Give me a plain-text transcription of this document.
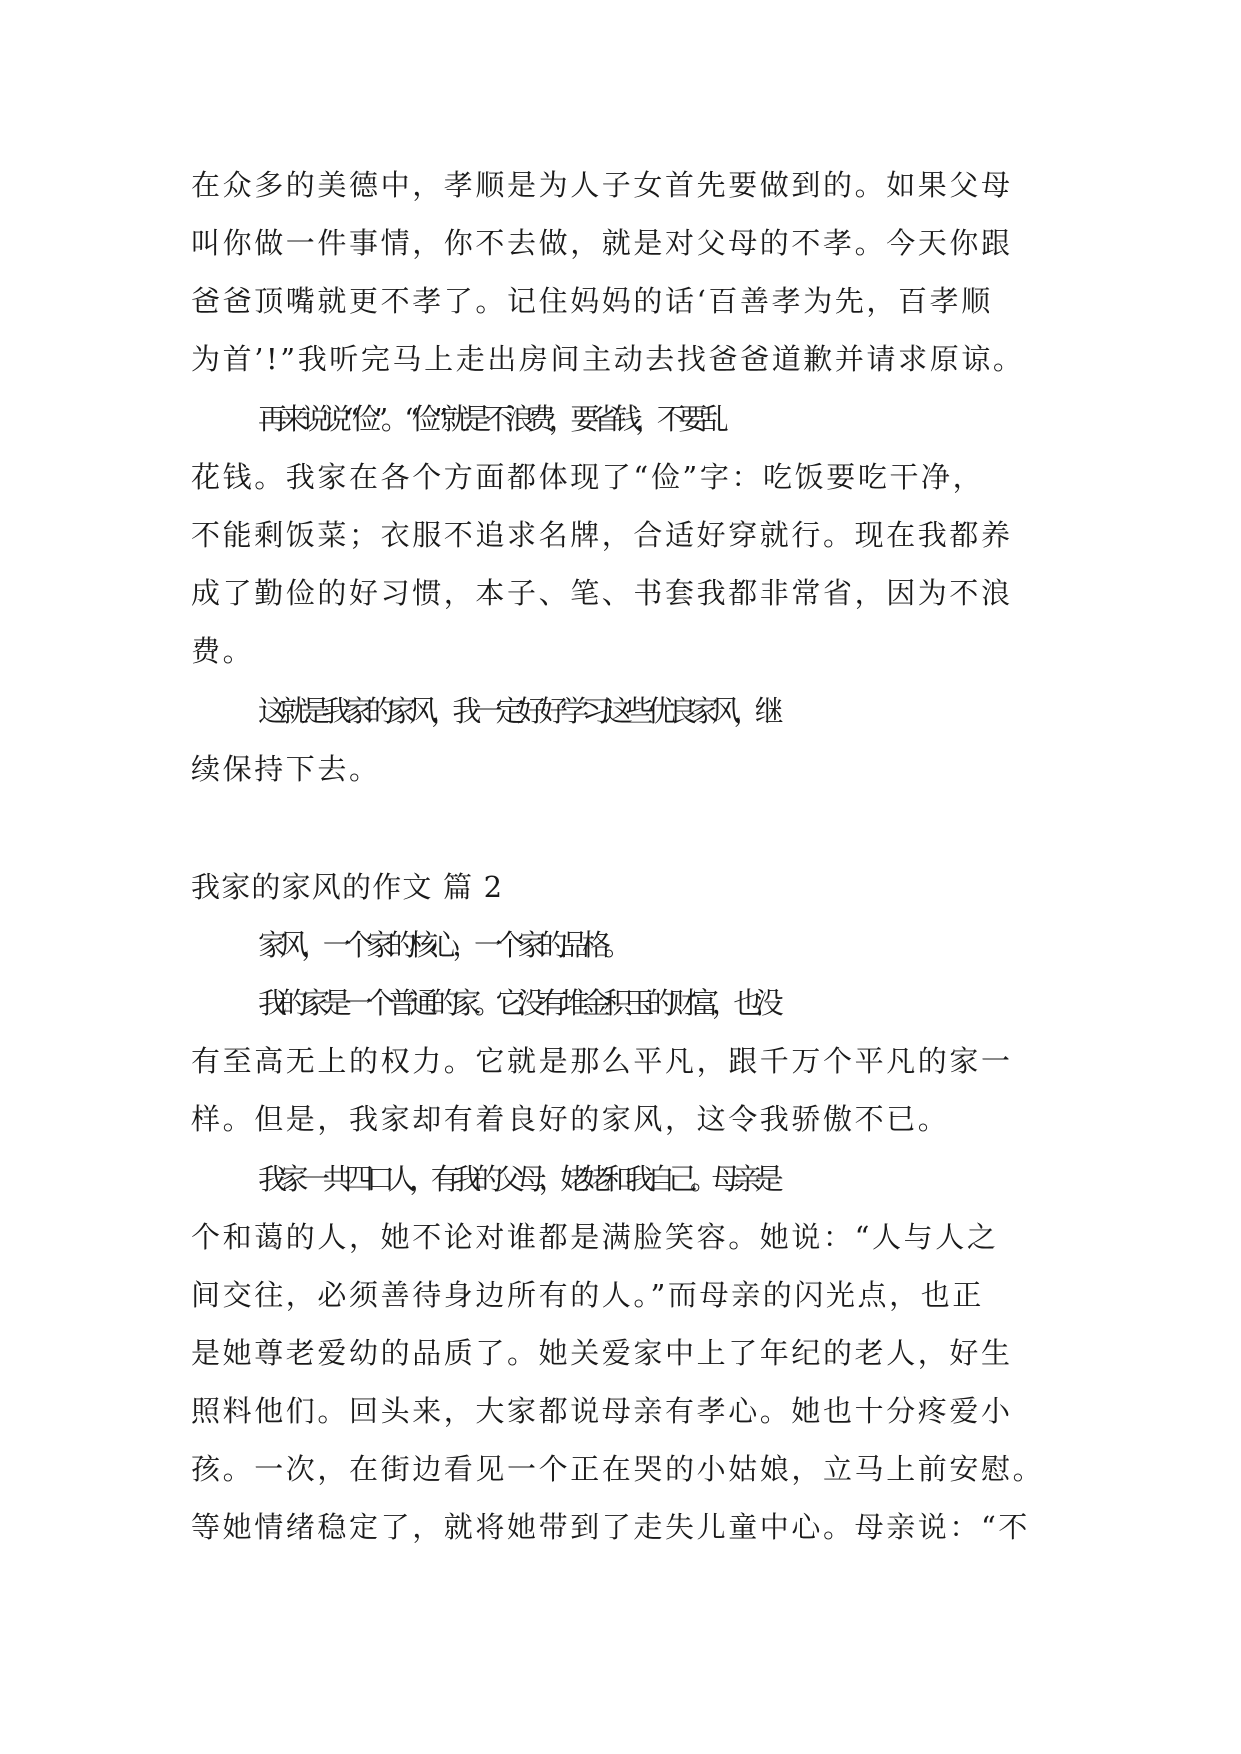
在众多的美德中，孝顺是为人子女首先要做到的。如果父母
叫你做一件事情，你不去做，就是对父母的不孝。今天你跟
爸爸顶嘴就更不孝了。记住妈妈的话‘百善孝为先，百孝顺
为首’!”我听完马上走出房间主动去找爸爸道歉并请求原谅。
再来说说“俭”。 “俭”就是不浪费，要省钱，不要乱
花钱。我家在各个方面都体现了“俭”字：吃饭要吃干净，
不能剩饭菜；衣服不追求名牌，合适好穿就行。现在我都养
成了勤俭的好习惯，本子、笔、书套我都非常省，因为不浪
费。
这就是我家的家风，我一定好好学习这些优良家风，继
续保持下去。
我家的家风的作文 篇 2
家风，一个家的核心，一个家的品格。
我的家是一个普通的家。它没有堆金积玉的财富，也没
有至高无上的权力。它就是那么平凡，跟千万个平凡的家一
样。但是，我家却有着良好的家风，这令我骄傲不已。
我家一共四口人，有我的父母，姥姥和我自己。母亲是
个和蔼的人，她不论对谁都是满脸笑容。她说：“人与人之
间交往，必须善待身边所有的人。”而母亲的闪光点，也正
是她尊老爱幼的品质了。她关爱家中上了年纪的老人，好生
照料他们。回头来，大家都说母亲有孝心。她也十分疼爱小
孩。一次，在街边看见一个正在哭的小姑娘，立马上前安慰。
等她情绪稳定了，就将她带到了走失儿童中心。母亲说：“不
